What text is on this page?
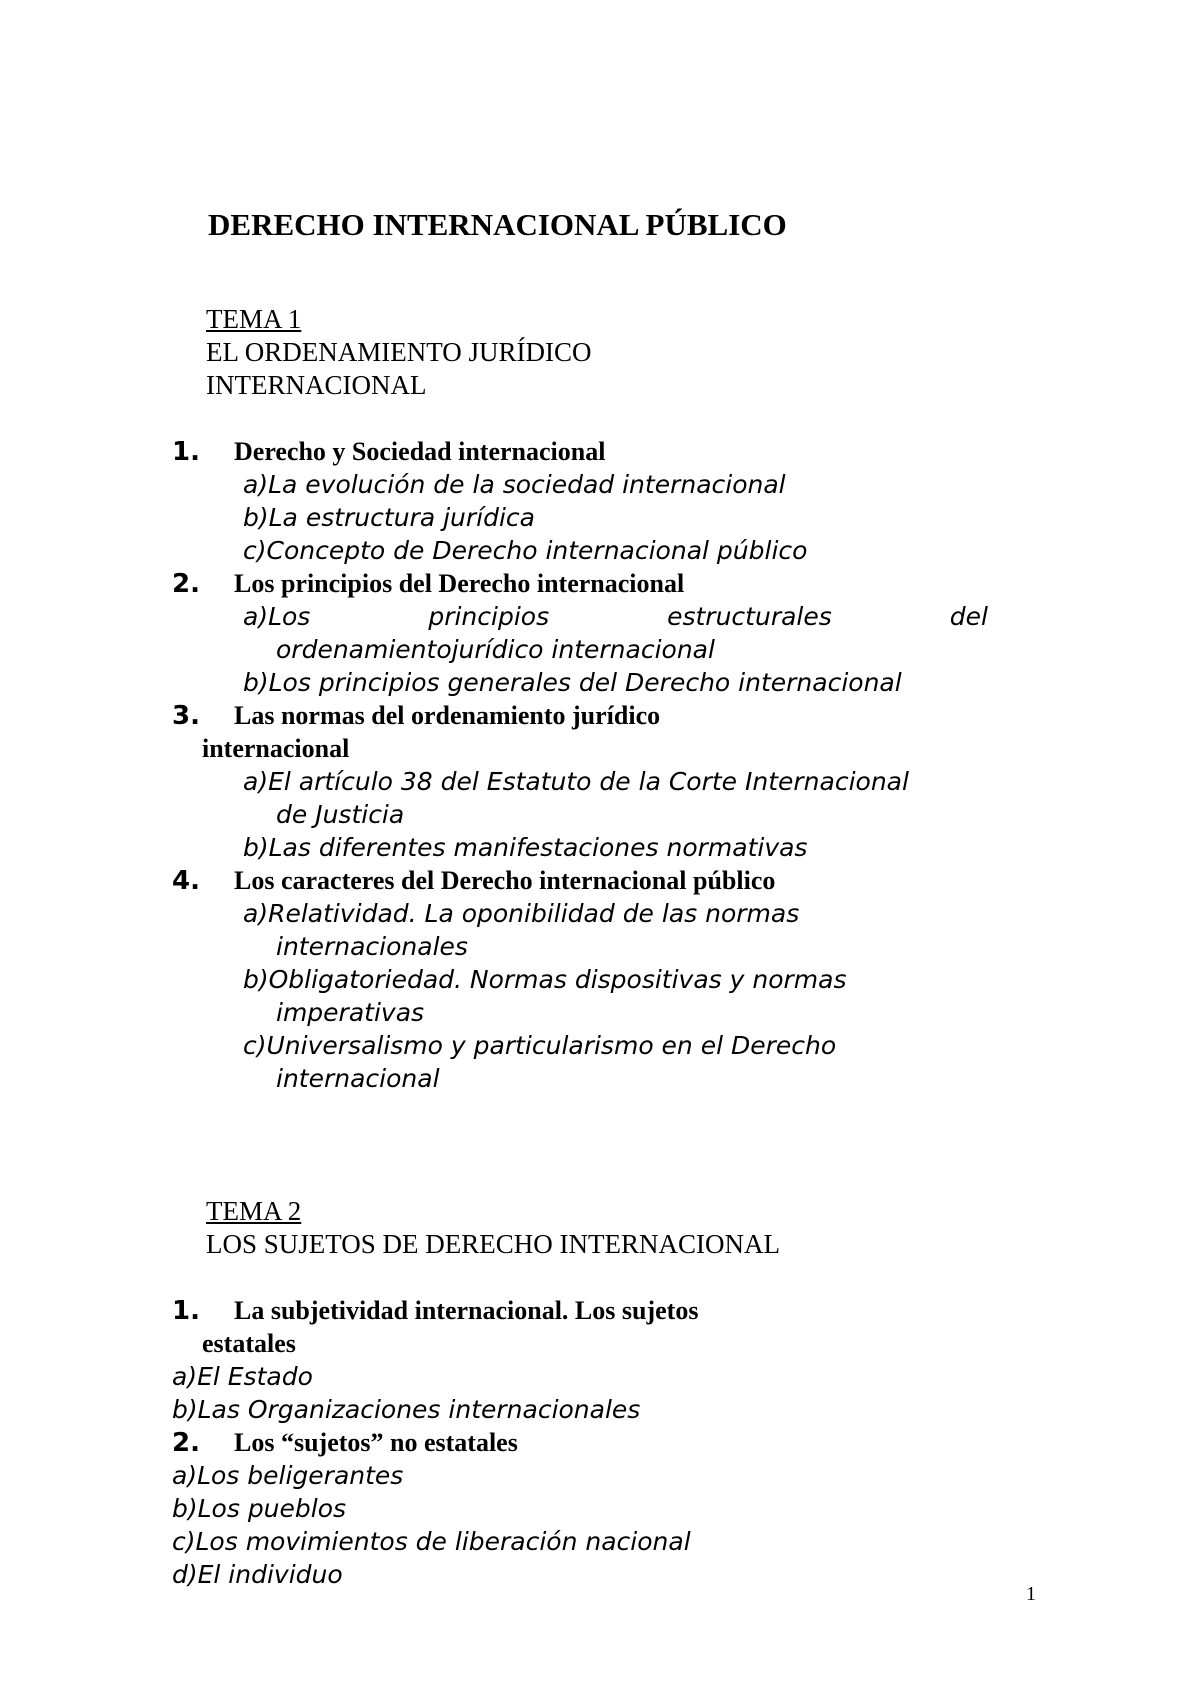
DERECHO INTERNACIONAL PÚBLICO
TEMA 1
EL ORDENAMIENTO JURÍDICO
INTERNACIONAL
1. Derecho y Sociedad internacional
a)La evolución de la sociedad internacional
b)La estructura jurídica
c)Concepto de Derecho internacional público
2. Los principios del Derecho internacional
a)Los	principios	estructurales	del
ordenamientojurídico internacional
b)Los principios generales del Derecho internacional
3. Las normas del ordenamiento jurídico
internacional
a)El artículo 38 del Estatuto de la Corte Internacional
de Justicia
b)Las diferentes manifestaciones normativas
4. Los caracteres del Derecho internacional público
a)Relatividad. La oponibilidad de las normas
internacionales
b)Obligatoriedad. Normas dispositivas y normas
imperativas
c)Universalismo y particularismo en el Derecho
internacional
TEMA 2
LOS SUJETOS DE DERECHO INTERNACIONAL
1. La subjetividad internacional. Los sujetos
estatales
a)El Estado
b)Las Organizaciones internacionales
2. Los “sujetos” no estatales
a)Los beligerantes
b)Los pueblos
c)Los movimientos de liberación nacional
d)El individuo
1
